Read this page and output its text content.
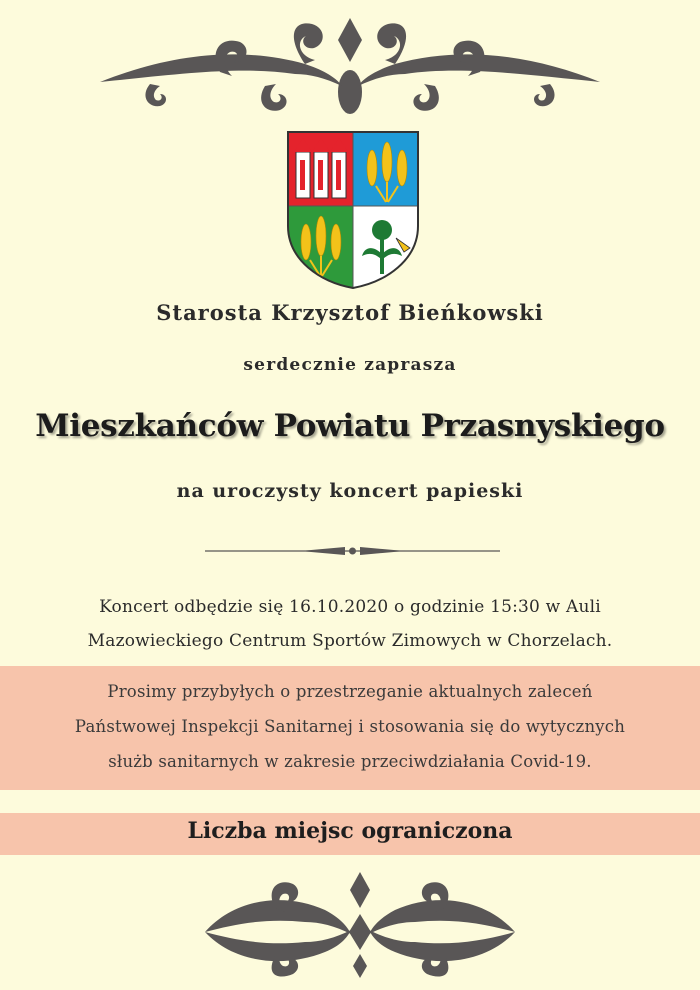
Starosta Krzysztof Bieńkowski
serdecznie zaprasza
Mieszkańców Powiatu Przasnyskiego
na uroczysty koncert papieski
Koncert odbędzie się 16.10.2020 o godzinie 15:30 w Auli
Mazowieckiego Centrum Sportów Zimowych w Chorzelach.
Prosimy przybyłych o przestrzeganie aktualnych zaleceń
Państwowej Inspekcji Sanitarnej i stosowania się do wytycznych
służb sanitarnych w zakresie przeciwdziałania Covid-19.
Liczba miejsc ograniczona
